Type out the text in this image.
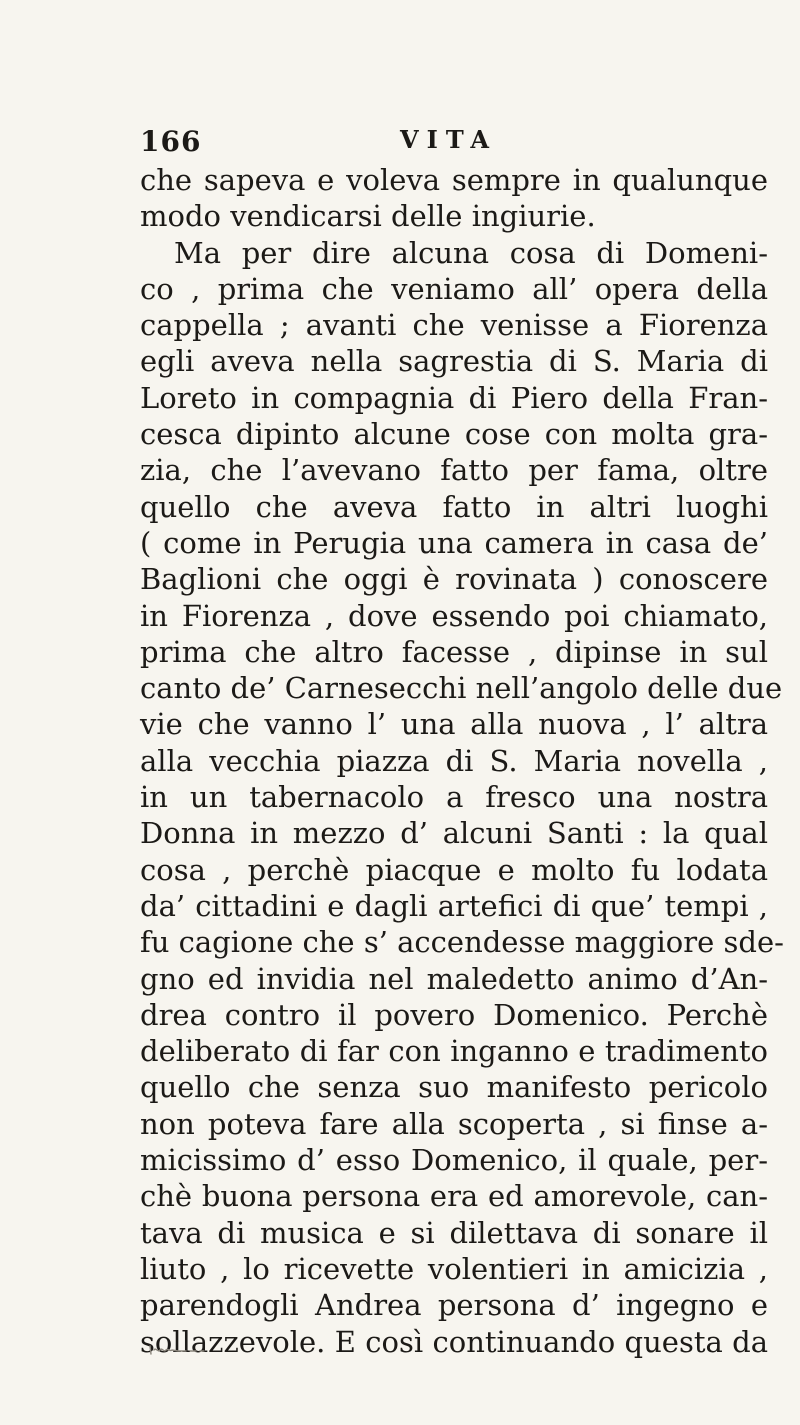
166	VITA
che sapeva e voleva sempre in qualunque
modo vendicarsi delle ingiurie.
Ma per dire alcuna cosa di Domeni-
co , prima che veniamo all’ opera della
cappella ; avanti che venisse a Fiorenza
egli aveva nella sagrestia di S. Maria di
Loreto in compagnia di Piero della Fran-
cesca dipinto alcune cose con molta gra-
zia, che l’avevano fatto per fama, oltre
quello che aveva fatto in altri luoghi
( come in Perugia una camera in casa de’
Baglioni che oggi è rovinata ) conoscere
in Fiorenza , dove essendo poi chiamato,
prima che altro facesse , dipinse in sul
canto de’ Carnesecchi nell’angolo delle due
vie che vanno l’ una alla nuova , l’ altra
alla vecchia piazza di S. Maria novella ,
in un tabernacolo a fresco una nostra
Donna in mezzo d’ alcuni Santi : la qual
cosa , perchè piacque e molto fu lodata
da’ cittadini e dagli artefici di que’ tempi ,
fu cagione che s’ accendesse maggiore sde-
gno ed invidia nel maledetto animo d’An-
drea contro il povero Domenico. Perchè
deliberato di far con inganno e tradimento
quello che senza suo manifesto pericolo
non poteva fare alla scoperta , si finse a-
micissimo d’ esso Domenico, il quale, per-
chè buona persona era ed amorevole, can-
tava di musica e si dilettava di sonare il
liuto , lo ricevette volentieri in amicizia ,
parendogli Andrea persona d’ ingegno e
sollazzevole. E così continuando questa da
